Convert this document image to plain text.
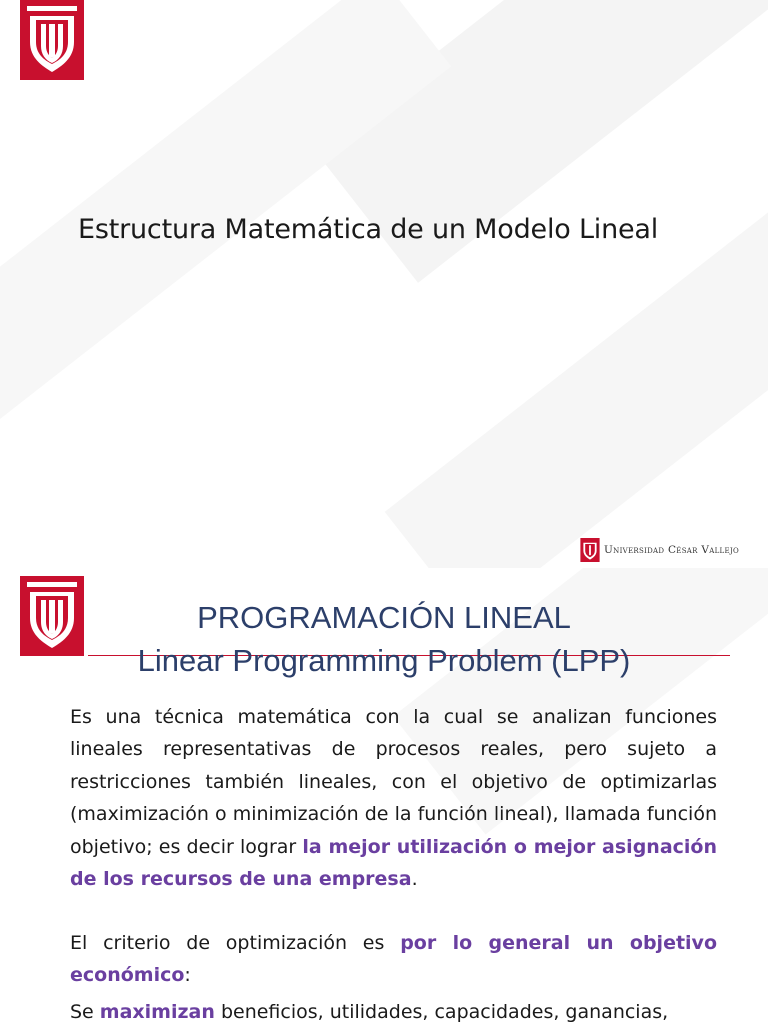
Estructura Matemática de un Modelo Lineal
Universidad César Vallejo
PROGRAMACIÓN LINEAL
Linear Programming Problem (LPP)
Es una técnica matemática con la cual se analizan funciones lineales representativas de procesos reales, pero sujeto a restricciones también lineales, con el objetivo de optimizarlas (maximización o minimización de la función lineal), llamada función objetivo; es decir lograr la mejor utilización o mejor asignación de los recursos de una empresa.
El criterio de optimización es por lo general un objetivo económico:
Se maximizan beneficios, utilidades, capacidades, ganancias,
